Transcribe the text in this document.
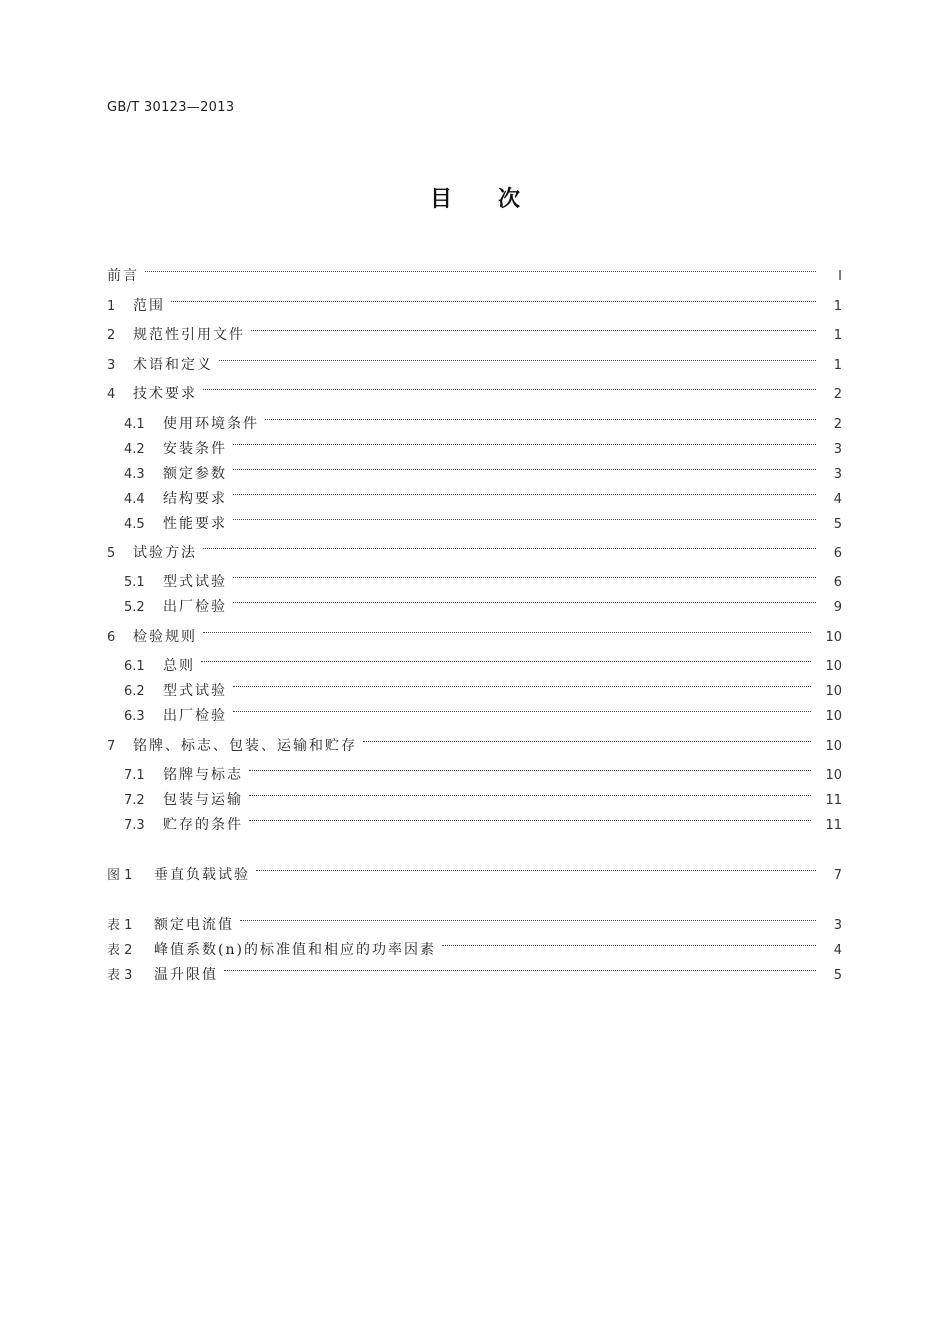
GB/T 30123—2013
目次
前言	Ⅰ
1	范围	1
2	规范性引用文件	1
3	术语和定义	1
4	技术要求	2
4.1	使用环境条件	2
4.2	安装条件	3
4.3	额定参数	3
4.4	结构要求	4
4.5	性能要求	5
5	试验方法	6
5.1	型式试验	6
5.2	出厂检验	9
6	检验规则	10
6.1	总则	10
6.2	型式试验	10
6.3	出厂检验	10
7	铭牌、标志、包装、运输和贮存	10
7.1	铭牌与标志	10
7.2	包装与运输	11
7.3	贮存的条件	11
图 1	垂直负载试验	7
表 1	额定电流值	3
表 2	峰值系数(n)的标准值和相应的功率因素	4
表 3	温升限值	5
